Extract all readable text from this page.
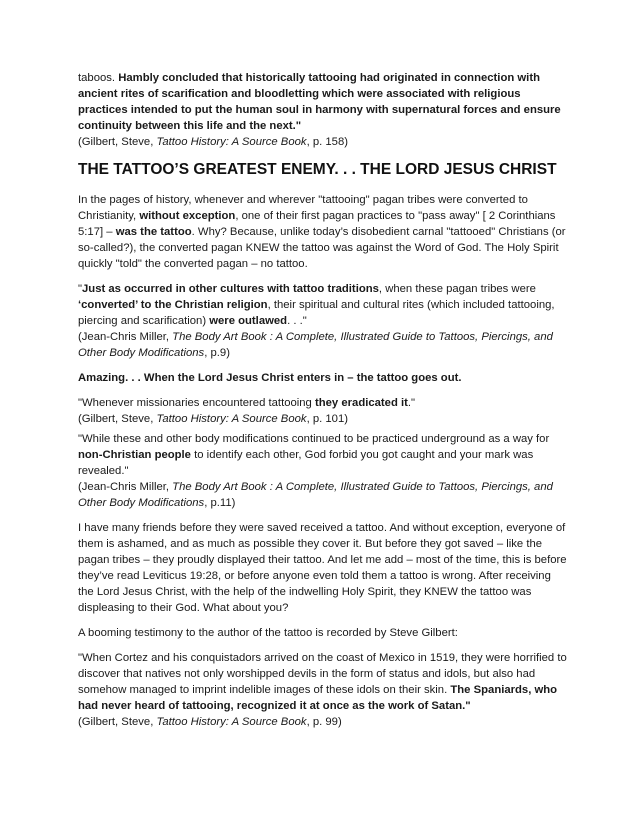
taboos. Hambly concluded that historically tattooing had originated in connection with ancient rites of scarification and bloodletting which were associated with religious practices intended to put the human soul in harmony with supernatural forces and ensure continuity between this life and the next."

(Gilbert, Steve, Tattoo History: A Source Book, p. 158)

THE TATTOO’S GREATEST ENEMY. . . THE LORD JESUS CHRIST

In the pages of history, whenever and wherever "tattooing" pagan tribes were converted to Christianity, without exception, one of their first pagan practices to "pass away" [ 2 Corinthians 5:17] – was the tattoo. Why? Because, unlike today’s disobedient carnal "tattooed" Christians (or so-called?), the converted pagan KNEW the tattoo was against the Word of God. The Holy Spirit quickly "told" the converted pagan – no tattoo.

"Just as occurred in other cultures with tattoo traditions, when these pagan tribes were ‘converted’ to the Christian religion, their spiritual and cultural rites (which included tattooing, piercing and scarification) were outlawed. . ."

(Jean-Chris Miller, The Body Art Book : A Complete, Illustrated Guide to Tattoos, Piercings, and Other Body Modifications, p.9)

Amazing. . . When the Lord Jesus Christ enters in – the tattoo goes out.

"Whenever missionaries encountered tattooing they eradicated it."

(Gilbert, Steve, Tattoo History: A Source Book, p. 101)

"While these and other body modifications continued to be practiced underground as a way for non-Christian people to identify each other, God forbid you got caught and your mark was revealed."

(Jean-Chris Miller, The Body Art Book : A Complete, Illustrated Guide to Tattoos, Piercings, and Other Body Modifications, p.11)

I have many friends before they were saved received a tattoo. And without exception, everyone of them is ashamed, and as much as possible they cover it. But before they got saved – like the pagan tribes – they proudly displayed their tattoo. And let me add – most of the time, this is before they’ve read Leviticus 19:28, or before anyone even told them a tattoo is wrong. After receiving the Lord Jesus Christ, with the help of the indwelling Holy Spirit, they KNEW the tattoo was displeasing to their God. What about you?

A booming testimony to the author of the tattoo is recorded by Steve Gilbert:

"When Cortez and his conquistadors arrived on the coast of Mexico in 1519, they were horrified to discover that natives not only worshipped devils in the form of status and idols, but also had somehow managed to imprint indelible images of these idols on their skin. The Spaniards, who had never heard of tattooing, recognized it at once as the work of Satan."

(Gilbert, Steve, Tattoo History: A Source Book, p. 99)
